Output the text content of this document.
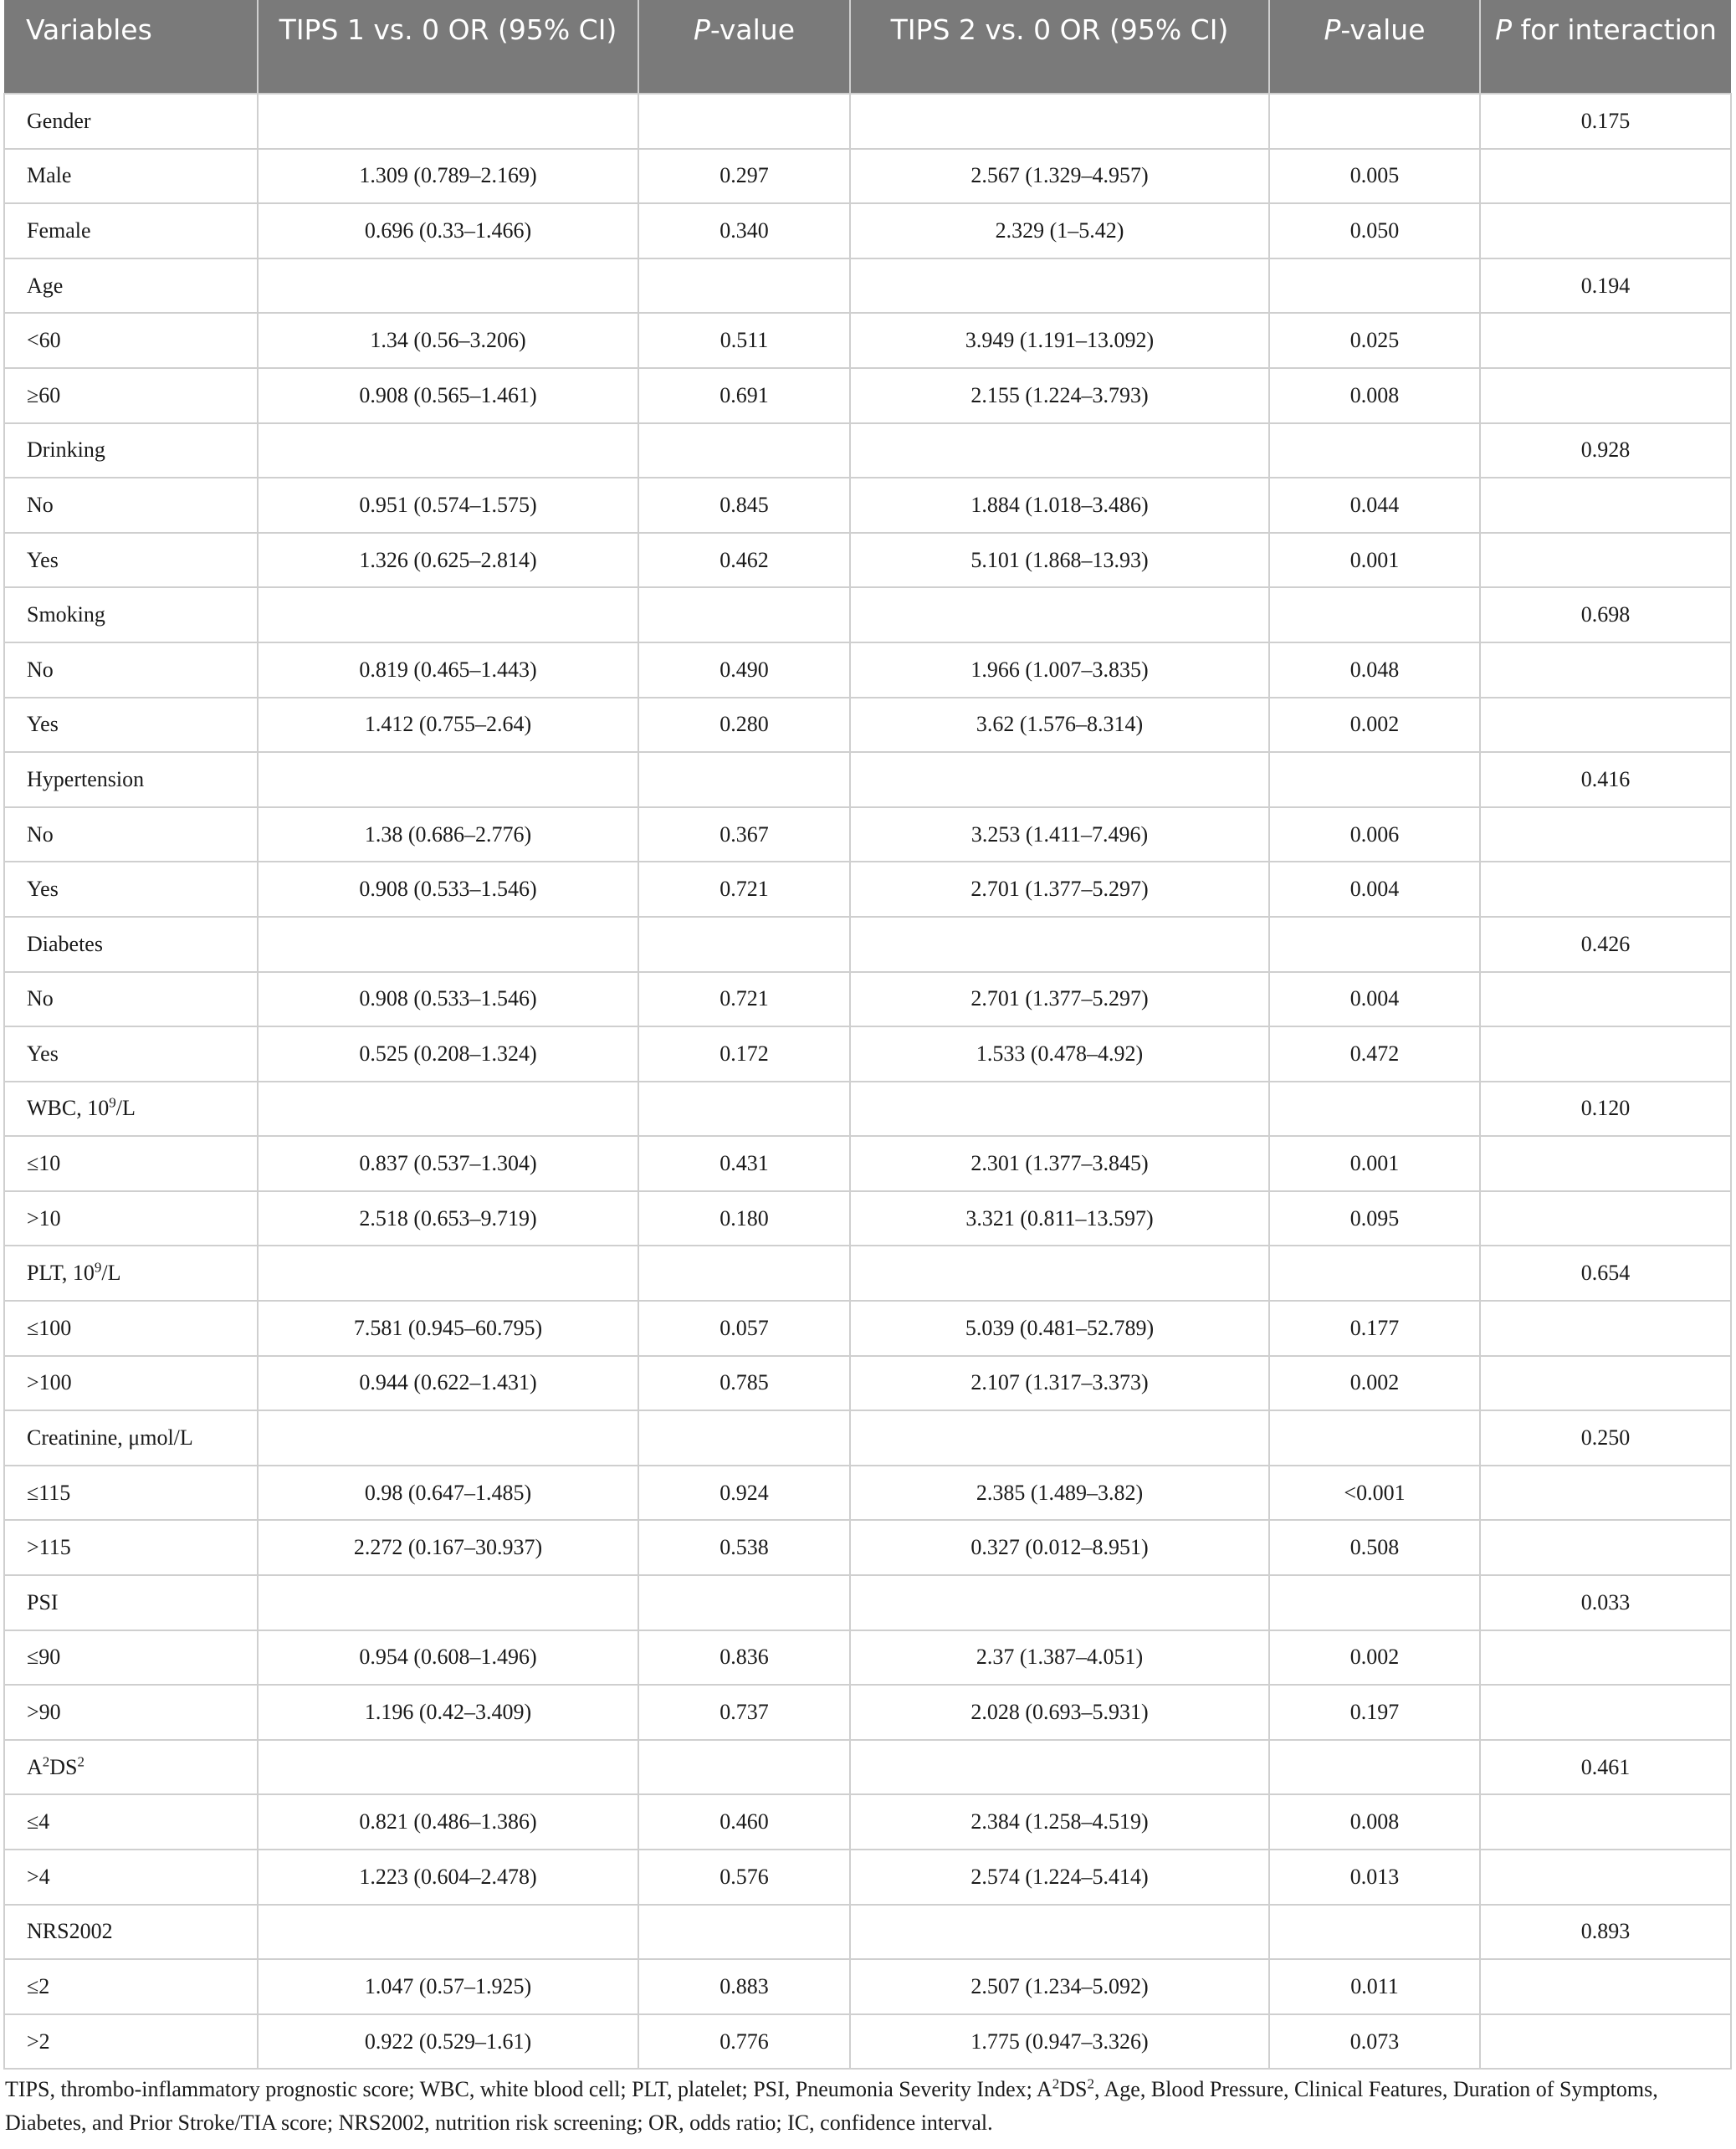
Variables	TIPS 1 vs. 0 OR (95% CI)	P-value	TIPS 2 vs. 0 OR (95% CI)	P-value	P for interaction
Gender					0.175
Male	1.309 (0.789–2.169)	0.297	2.567 (1.329–4.957)	0.005	
Female	0.696 (0.33–1.466)	0.340	2.329 (1–5.42)	0.050	
Age					0.194
<60	1.34 (0.56–3.206)	0.511	3.949 (1.191–13.092)	0.025	
≥60	0.908 (0.565–1.461)	0.691	2.155 (1.224–3.793)	0.008	
Drinking					0.928
No	0.951 (0.574–1.575)	0.845	1.884 (1.018–3.486)	0.044	
Yes	1.326 (0.625–2.814)	0.462	5.101 (1.868–13.93)	0.001	
Smoking					0.698
No	0.819 (0.465–1.443)	0.490	1.966 (1.007–3.835)	0.048	
Yes	1.412 (0.755–2.64)	0.280	3.62 (1.576–8.314)	0.002	
Hypertension					0.416
No	1.38 (0.686–2.776)	0.367	3.253 (1.411–7.496)	0.006	
Yes	0.908 (0.533–1.546)	0.721	2.701 (1.377–5.297)	0.004	
Diabetes					0.426
No	0.908 (0.533–1.546)	0.721	2.701 (1.377–5.297)	0.004	
Yes	0.525 (0.208–1.324)	0.172	1.533 (0.478–4.92)	0.472	
WBC, $10^9/L$					0.120
≤10	0.837 (0.537–1.304)	0.431	2.301 (1.377–3.845)	0.001	
>10	2.518 (0.653–9.719)	0.180	3.321 (0.811–13.597)	0.095	
PLT, $10^9/L$					0.654
≤100	7.581 (0.945–60.795)	0.057	5.039 (0.481–52.789)	0.177	
>100	0.944 (0.622–1.431)	0.785	2.107 (1.317–3.373)	0.002	
Creatinine, μmol/L					0.250
≤115	0.98 (0.647–1.485)	0.924	2.385 (1.489–3.82)	<0.001	
>115	2.272 (0.167–30.937)	0.538	0.327 (0.012–8.951)	0.508	
PSI					0.033
≤90	0.954 (0.608–1.496)	0.836	2.37 (1.387–4.051)	0.002	
>90	1.196 (0.42–3.409)	0.737	2.028 (0.693–5.931)	0.197	
$A^2DS^2$					0.461
≤4	0.821 (0.486–1.386)	0.460	2.384 (1.258–4.519)	0.008	
>4	1.223 (0.604–2.478)	0.576	2.574 (1.224–5.414)	0.013	
NRS2002					0.893
≤2	1.047 (0.57–1.925)	0.883	2.507 (1.234–5.092)	0.011	
>2	0.922 (0.529–1.61)	0.776	1.775 (0.947–3.326)	0.073	
TIPS, thrombo-inflammatory prognostic score; WBC, white blood cell; PLT, platelet; PSI, Pneumonia Severity Index; $A^2DS^2$, Age, Blood Pressure, Clinical Features, Duration of Symptoms, Diabetes, and Prior Stroke/TIA score; NRS2002, nutrition risk screening; OR, odds ratio; IC, confidence interval.
